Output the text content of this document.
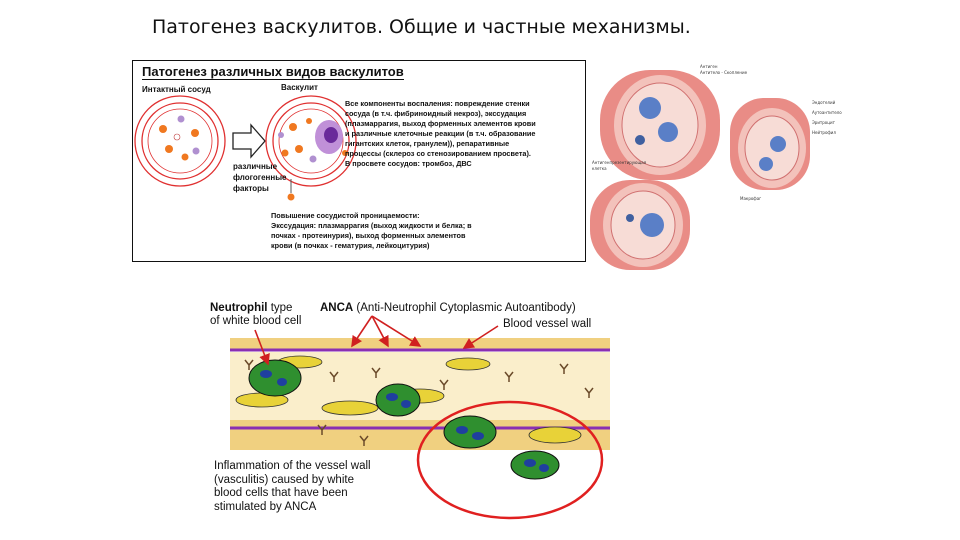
Патогенез васкулитов. Общие и частные механизмы.
Патогенез различных видов васкулитов
Интактный сосуд	Васкулит
различные
флогогенные
факторы
Все компоненты воспаления: повреждение стенки
сосуда (в т.ч. фибриноидный некроз), экссудация
(плазмаррагия, выход форменных элементов крови
и различные клеточные реакции (в т.ч. образование
гигантских клеток, гранулем)), репаративные
процессы (склероз со стенозированием просвета).
В просвете сосудов: тромбоз, ДВС
Повышение сосудистой проницаемости:
Экссудация: плазмаррагия (выход жидкости и белка; в
почках - протеинурия), выход форменных элементов
крови (в почках - гематурия, лейкоцитурия)
Антиген
Антитело - Скопление
Антигенпрезентирующая
клетка
Эндотелий
Аутоантитело
Эритроцит
Нейтрофил
Макрофаг
Neutrophil type
of white blood cell
ANCA (Anti-Neutrophil Cytoplasmic Autoantibody)
Blood vessel wall
Inflammation of the vessel wall
(vasculitis) caused by white
blood cells that have been
stimulated by ANCA
